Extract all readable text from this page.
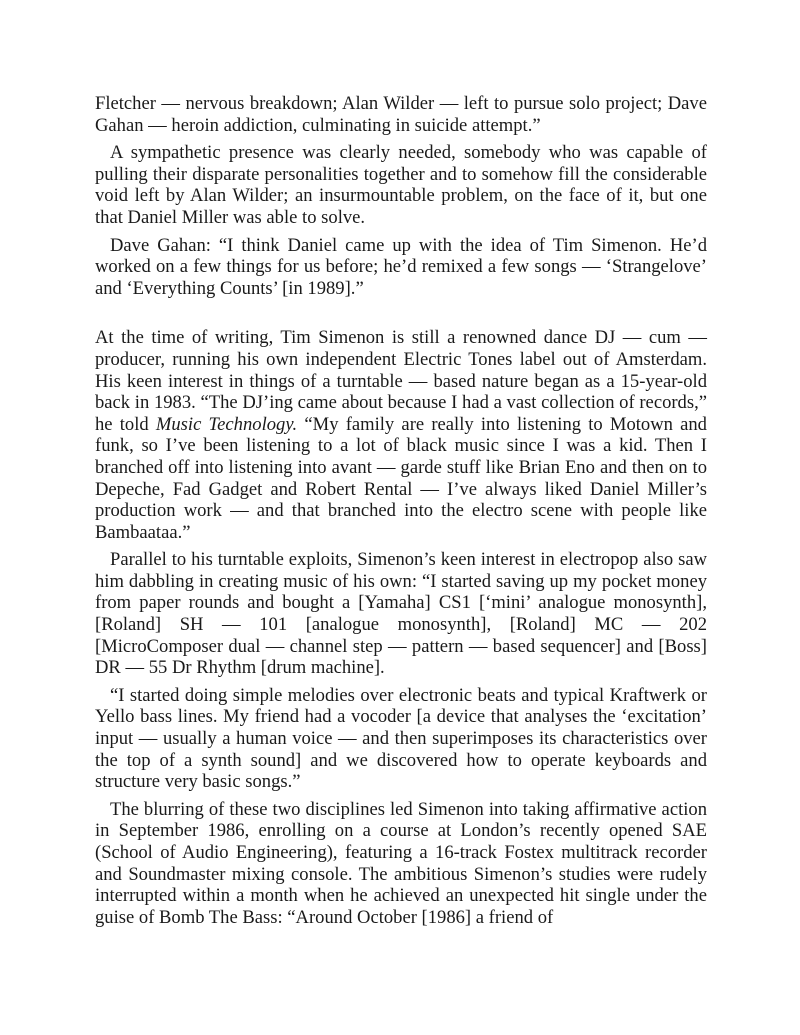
Fletcher — nervous breakdown; Alan Wilder — left to pursue solo project; Dave Gahan — heroin addiction, culminating in suicide attempt.”

A sympathetic presence was clearly needed, somebody who was capable of pulling their disparate personalities together and to somehow fill the considerable void left by Alan Wilder; an insurmountable problem, on the face of it, but one that Daniel Miller was able to solve.

Dave Gahan: “I think Daniel came up with the idea of Tim Simenon. He’d worked on a few things for us before; he’d remixed a few songs — ‘Strangelove’ and ‘Everything Counts’ [in 1989].”

At the time of writing, Tim Simenon is still a renowned dance DJ — cum — producer, running his own independent Electric Tones label out of Amsterdam. His keen interest in things of a turntable — based nature began as a 15-year-old back in 1983. “The DJ’ing came about because I had a vast collection of records,” he told Music Technology. “My family are really into listening to Motown and funk, so I’ve been listening to a lot of black music since I was a kid. Then I branched off into listening into avant — garde stuff like Brian Eno and then on to Depeche, Fad Gadget and Robert Rental — I’ve always liked Daniel Miller’s production work — and that branched into the electro scene with people like Bambaataa.”

Parallel to his turntable exploits, Simenon’s keen interest in electropop also saw him dabbling in creating music of his own: “I started saving up my pocket money from paper rounds and bought a [Yamaha] CS1 [‘mini’ analogue monosynth], [Roland] SH — 101 [analogue monosynth], [Roland] MC — 202 [MicroComposer dual — channel step — pattern — based sequencer] and [Boss] DR — 55 Dr Rhythm [drum machine].

“I started doing simple melodies over electronic beats and typical Kraftwerk or Yello bass lines. My friend had a vocoder [a device that analyses the ‘excitation’ input — usually a human voice — and then superimposes its characteristics over the top of a synth sound] and we discovered how to operate keyboards and structure very basic songs.”

The blurring of these two disciplines led Simenon into taking affirmative action in September 1986, enrolling on a course at London’s recently opened SAE (School of Audio Engineering), featuring a 16-track Fostex multitrack recorder and Soundmaster mixing console. The ambitious Simenon’s studies were rudely interrupted within a month when he achieved an unexpected hit single under the guise of Bomb The Bass: “Around October [1986] a friend of
